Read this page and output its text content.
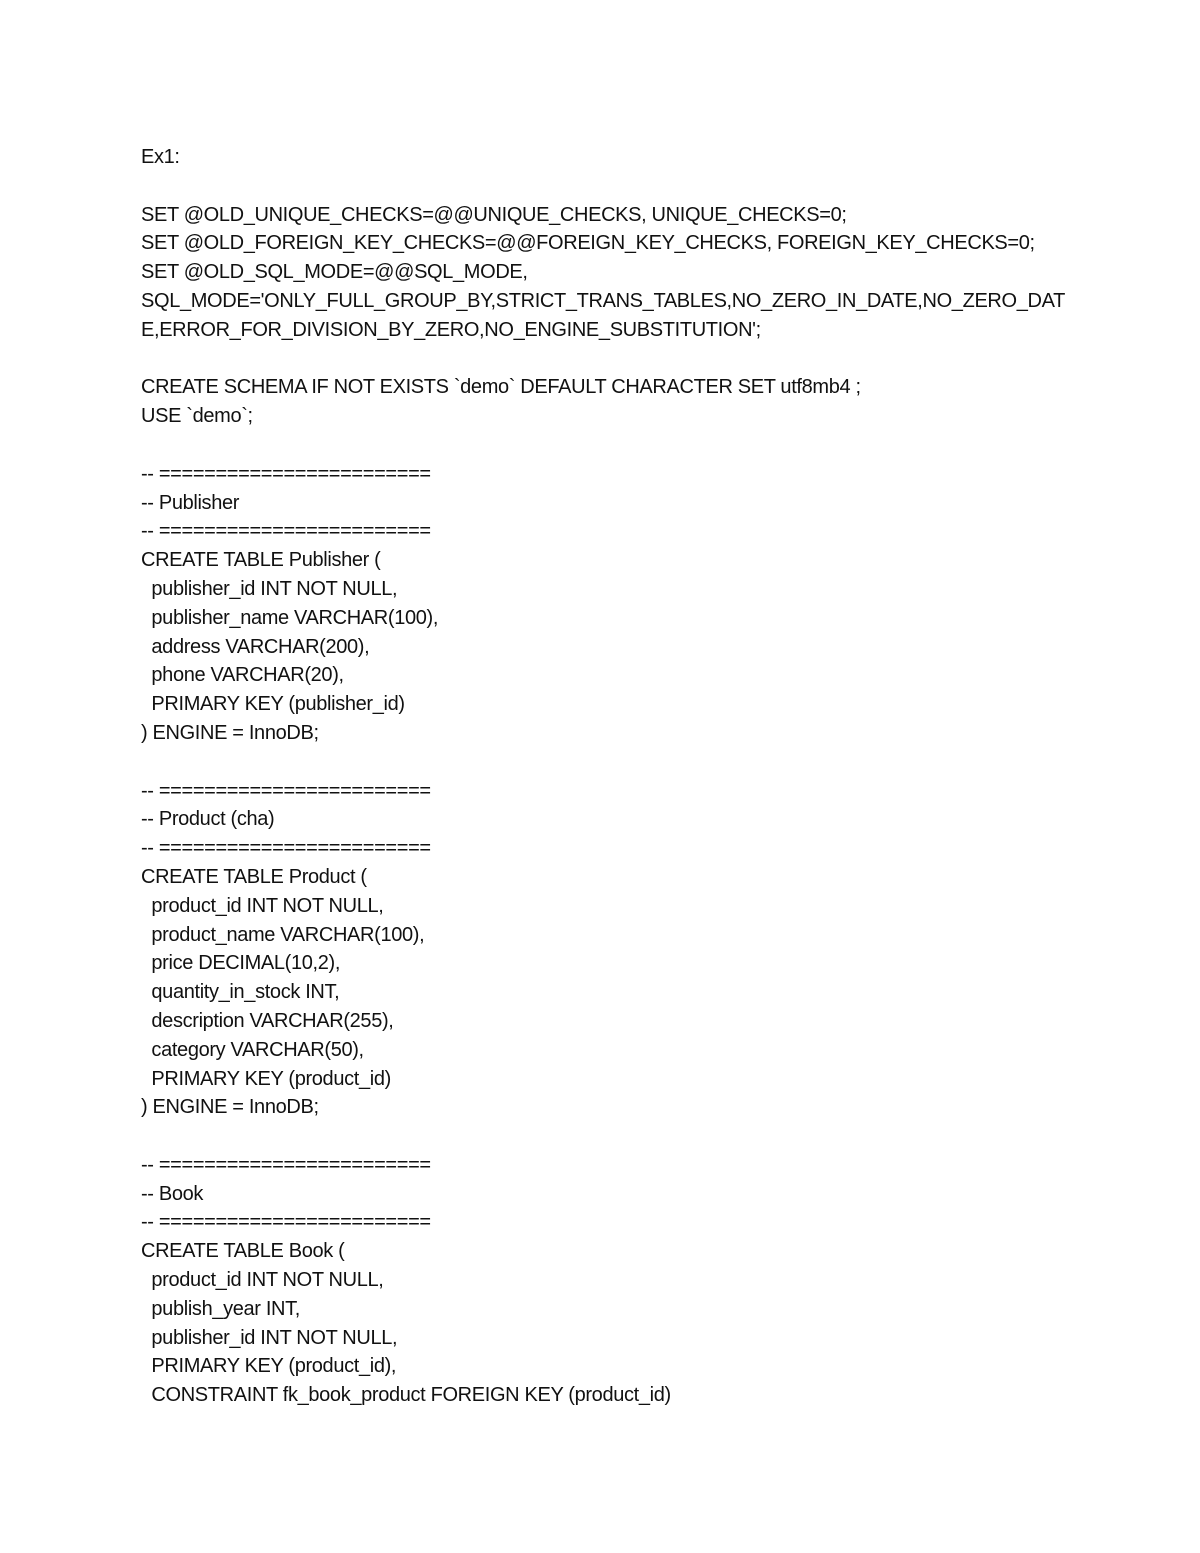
Ex1:
SET @OLD_UNIQUE_CHECKS=@@UNIQUE_CHECKS, UNIQUE_CHECKS=0;
SET @OLD_FOREIGN_KEY_CHECKS=@@FOREIGN_KEY_CHECKS, FOREIGN_KEY_CHECKS=0;
SET @OLD_SQL_MODE=@@SQL_MODE,
SQL_MODE='ONLY_FULL_GROUP_BY,STRICT_TRANS_TABLES,NO_ZERO_IN_DATE,NO_ZERO_DAT
E,ERROR_FOR_DIVISION_BY_ZERO,NO_ENGINE_SUBSTITUTION';
CREATE SCHEMA IF NOT EXISTS `demo` DEFAULT CHARACTER SET utf8mb4 ;
USE `demo`;
-- ========================
-- Publisher
-- ========================
CREATE TABLE Publisher (
publisher_id INT NOT NULL,
publisher_name VARCHAR(100),
address VARCHAR(200),
phone VARCHAR(20),
PRIMARY KEY (publisher_id)
) ENGINE = InnoDB;
-- ========================
-- Product (cha)
-- ========================
CREATE TABLE Product (
product_id INT NOT NULL,
product_name VARCHAR(100),
price DECIMAL(10,2),
quantity_in_stock INT,
description VARCHAR(255),
category VARCHAR(50),
PRIMARY KEY (product_id)
) ENGINE = InnoDB;
-- ========================
-- Book
-- ========================
CREATE TABLE Book (
product_id INT NOT NULL,
publish_year INT,
publisher_id INT NOT NULL,
PRIMARY KEY (product_id),
CONSTRAINT fk_book_product FOREIGN KEY (product_id)
